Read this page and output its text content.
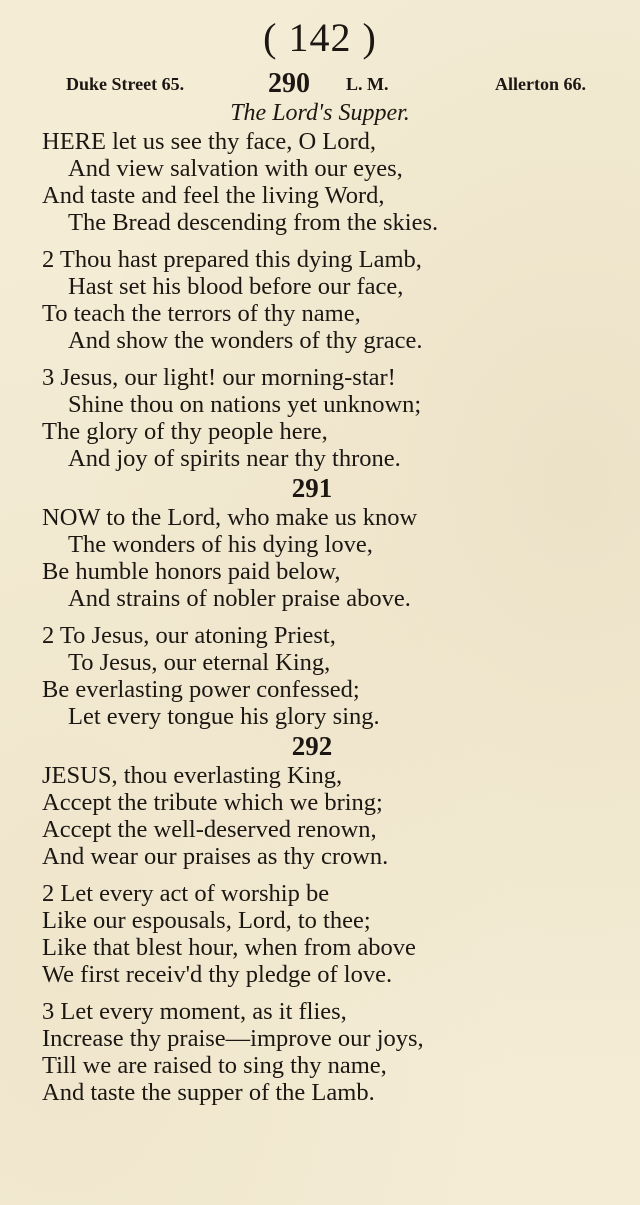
( 142 )
Duke Street 65.	290 L. M.	Allerton 66.
The Lord's Supper.
HERE let us see thy face, O Lord,
And view salvation with our eyes,
And taste and feel the living Word,
The Bread descending from the skies.
2 Thou hast prepared this dying Lamb,
Hast set his blood before our face,
To teach the terrors of thy name,
And show the wonders of thy grace.
3 Jesus, our light! our morning-star!
Shine thou on nations yet unknown;
The glory of thy people here,
And joy of spirits near thy throne.
291
NOW to the Lord, who make us know
The wonders of his dying love,
Be humble honors paid below,
And strains of nobler praise above.
2 To Jesus, our atoning Priest,
To Jesus, our eternal King,
Be everlasting power confessed;
Let every tongue his glory sing.
292
JESUS, thou everlasting King,
Accept the tribute which we bring;
Accept the well-deserved renown,
And wear our praises as thy crown.
2 Let every act of worship be
Like our espousals, Lord, to thee;
Like that blest hour, when from above
We first receiv'd thy pledge of love.
3 Let every moment, as it flies,
Increase thy praise—improve our joys,
Till we are raised to sing thy name,
And taste the supper of the Lamb.
